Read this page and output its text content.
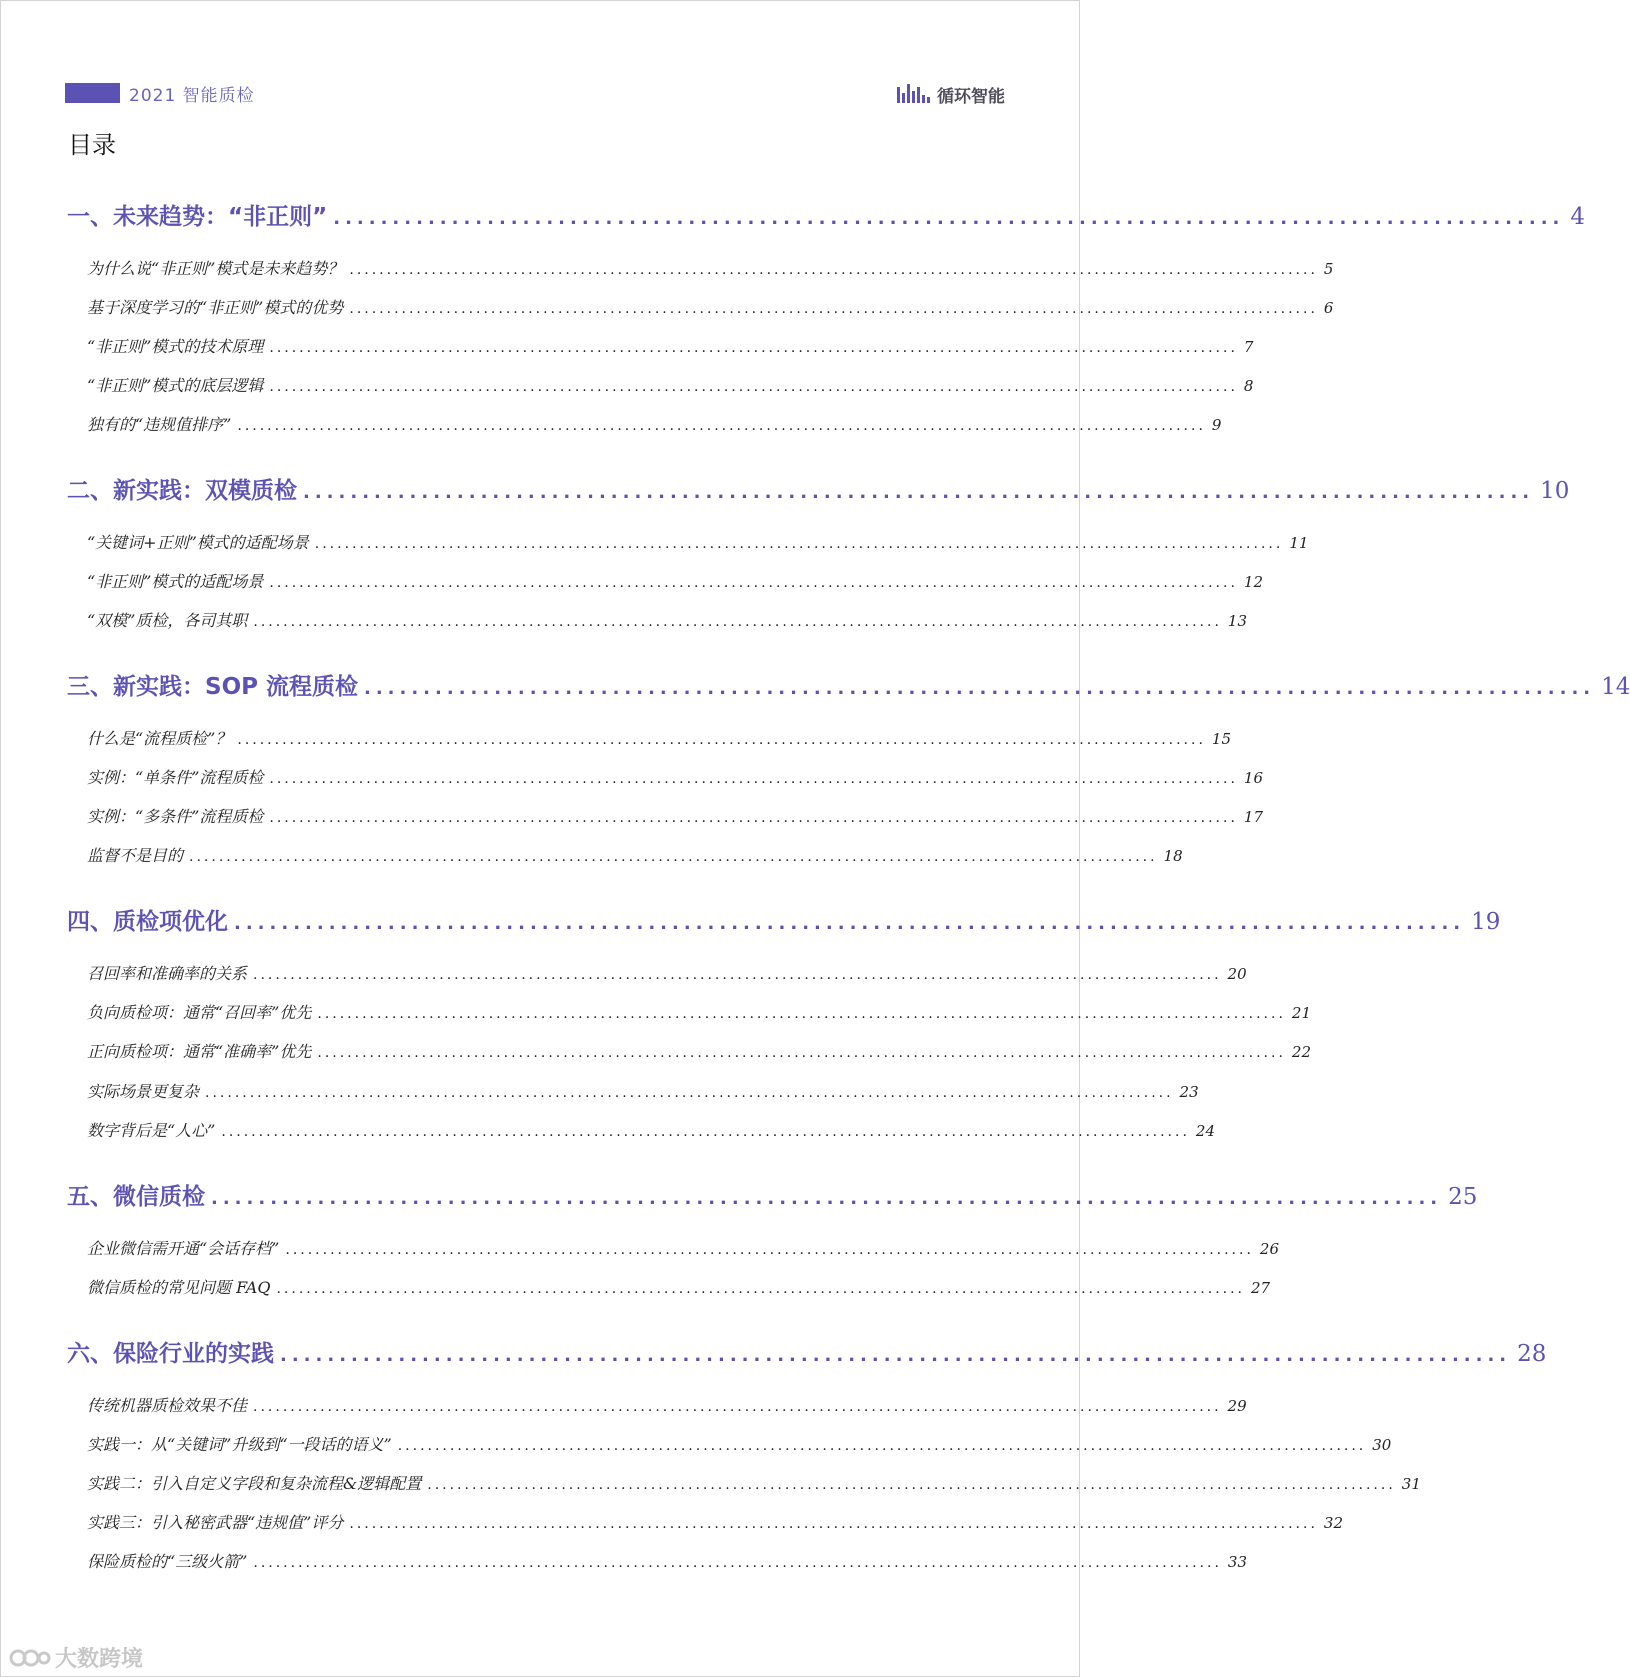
2021 智能质检	循环智能
目录
一、未来趋势：“非正则” ........................................................................................................ 4
为什么说“非正则”模式是未来趋势？ .................................................................................................................................. 5
基于深度学习的“非正则”模式的优势 .................................................................................................................................. 6
“非正则”模式的技术原理 .................................................................................................................................. 7
“非正则”模式的底层逻辑 .................................................................................................................................. 8
独有的“违规值排序” .................................................................................................................................. 9
二、新实践：双模质检 ........................................................................................................ 10
“关键词+正则”模式的适配场景 .................................................................................................................................. 11
“非正则”模式的适配场景 .................................................................................................................................. 12
“双模”质检，各司其职 .................................................................................................................................. 13
三、新实践：SOP 流程质检 ........................................................................................................ 14
什么是“流程质检”？ .................................................................................................................................. 15
实例：“单条件”流程质检 .................................................................................................................................. 16
实例：“多条件”流程质检 .................................................................................................................................. 17
监督不是目的 .................................................................................................................................. 18
四、质检项优化 ........................................................................................................ 19
召回率和准确率的关系 .................................................................................................................................. 20
负向质检项：通常“召回率”优先 .................................................................................................................................. 21
正向质检项：通常“准确率”优先 .................................................................................................................................. 22
实际场景更复杂 .................................................................................................................................. 23
数字背后是“人心” .................................................................................................................................. 24
五、微信质检 ........................................................................................................ 25
企业微信需开通“会话存档” .................................................................................................................................. 26
微信质检的常见问题 FAQ .................................................................................................................................. 27
六、保险行业的实践 ........................................................................................................ 28
传统机器质检效果不佳 .................................................................................................................................. 29
实践一：从“关键词”升级到“一段话的语义” .................................................................................................................................. 30
实践二：引入自定义字段和复杂流程&逻辑配置 .................................................................................................................................. 31
实践三：引入秘密武器“违规值”评分 .................................................................................................................................. 32
保险质检的“三级火箭” .................................................................................................................................. 33
大数跨境
